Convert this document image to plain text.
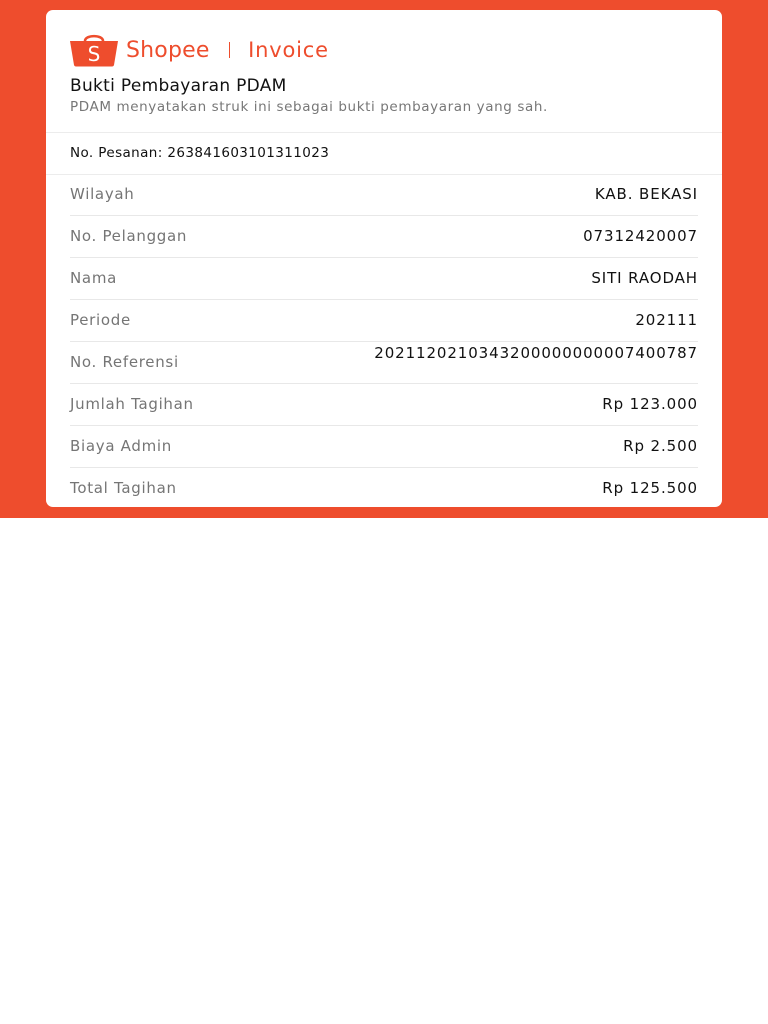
S Shopee Invoice
Bukti Pembayaran PDAM
PDAM menyatakan struk ini sebagai bukti pembayaran yang sah.
No. Pesanan: 263841603101311023
Wilayah	KAB. BEKASI
No. Pelanggan	07312420007
Nama	SITI RAODAH
Periode	202111
No. Referensi	2021120210343200000000007400787
Jumlah Tagihan	Rp 123.000
Biaya Admin	Rp 2.500
Total Tagihan	Rp 125.500
